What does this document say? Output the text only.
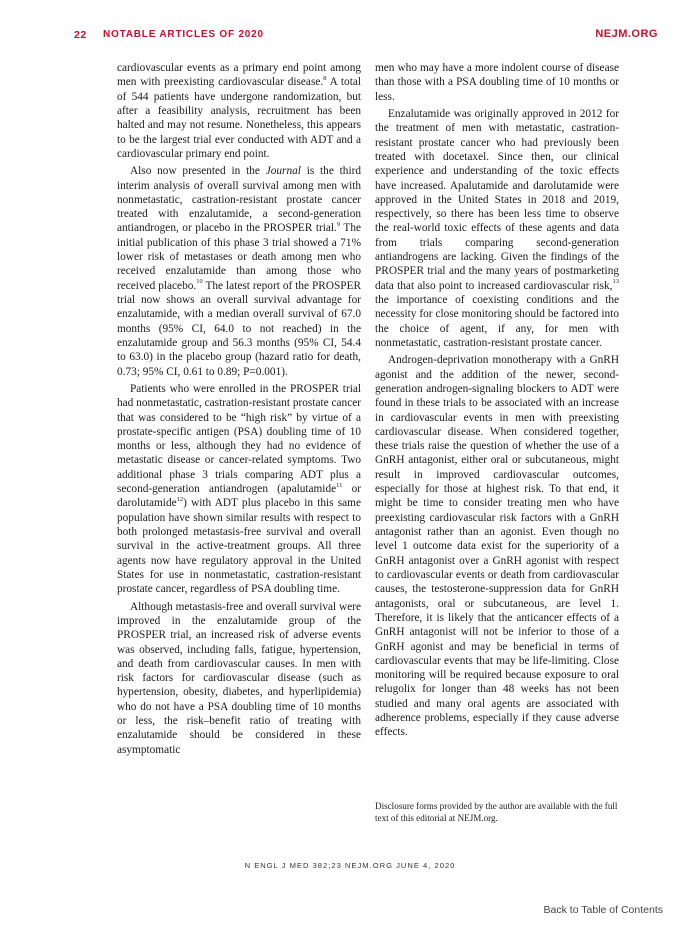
22 NOTABLE ARTICLES OF 2020	NEJM.ORG

cardiovascular events as a primary end point among men with preexisting cardiovascular disease.$^8$ A total of 544 patients have undergone randomization, but after a feasibility analysis, recruitment has been halted and may not resume. Nonetheless, this appears to be the largest trial ever conducted with ADT and a cardiovascular primary end point.

Also now presented in the Journal is the third interim analysis of overall survival among men with nonmetastatic, castration-resistant prostate cancer treated with enzalutamide, a second-generation antiandrogen, or placebo in the PROSPER trial.$^9$ The initial publication of this phase 3 trial showed a 71% lower risk of metastases or death among men who received enzalutamide than among those who received placebo.$^{10}$ The latest report of the PROSPER trial now shows an overall survival advantage for enzalutamide, with a median overall survival of 67.0 months (95% CI, 64.0 to not reached) in the enzalutamide group and 56.3 months (95% CI, 54.4 to 63.0) in the placebo group (hazard ratio for death, 0.73; 95% CI, 0.61 to 0.89; P=0.001).

Patients who were enrolled in the PROSPER trial had nonmetastatic, castration-resistant prostate cancer that was considered to be “high risk” by virtue of a prostate-specific antigen (PSA) doubling time of 10 months or less, although they had no evidence of metastatic disease or cancer-related symptoms. Two additional phase 3 trials comparing ADT plus a second-generation antiandrogen (apalutamide$^{11}$ or darolutamide$^{12}$) with ADT plus placebo in this same population have shown similar results with respect to both prolonged metastasis-free survival and overall survival in the active-treatment groups. All three agents now have regulatory approval in the United States for use in nonmetastatic, castration-resistant prostate cancer, regardless of PSA doubling time.

Although metastasis-free and overall survival were improved in the enzalutamide group of the PROSPER trial, an increased risk of adverse events was observed, including falls, fatigue, hypertension, and death from cardiovascular causes. In men with risk factors for cardiovascular disease (such as hypertension, obesity, diabetes, and hyperlipidemia) who do not have a PSA doubling time of 10 months or less, the risk–benefit ratio of treating with enzalutamide should be considered in these asymptomatic

men who may have a more indolent course of disease than those with a PSA doubling time of 10 months or less.

Enzalutamide was originally approved in 2012 for the treatment of men with metastatic, castration-resistant prostate cancer who had previously been treated with docetaxel. Since then, our clinical experience and understanding of the toxic effects have increased. Apalutamide and darolutamide were approved in the United States in 2018 and 2019, respectively, so there has been less time to observe the real-world toxic effects of these agents and data from trials comparing second-generation antiandrogens are lacking. Given the findings of the PROSPER trial and the many years of postmarketing data that also point to increased cardiovascular risk,$^{13}$ the importance of coexisting conditions and the necessity for close monitoring should be factored into the choice of agent, if any, for men with nonmetastatic, castration-resistant prostate cancer.

Androgen-deprivation monotherapy with a GnRH agonist and the addition of the newer, second-generation androgen-signaling blockers to ADT were found in these trials to be associated with an increase in cardiovascular events in men with preexisting cardiovascular disease. When considered together, these trials raise the question of whether the use of a GnRH antagonist, either oral or subcutaneous, might result in improved cardiovascular outcomes, especially for those at highest risk. To that end, it might be time to consider treating men who have preexisting cardiovascular risk factors with a GnRH antagonist rather than an agonist. Even though no level 1 outcome data exist for the superiority of a GnRH antagonist over a GnRH agonist with respect to cardiovascular events or death from cardiovascular causes, the testosterone-suppression data for GnRH antagonists, oral or subcutaneous, are level 1. Therefore, it is likely that the anticancer effects of a GnRH antagonist will not be inferior to those of a GnRH agonist and may be beneficial in terms of cardiovascular events that may be life-limiting. Close monitoring will be required because exposure to oral relugolix for longer than 48 weeks has not been studied and many oral agents are associated with adherence problems, especially if they cause adverse effects.

Disclosure forms provided by the author are available with the full text of this editorial at NEJM.org.
N ENGL J MED 382;23 NEJM.ORG JUNE 4, 2020
Back to Table of Contents
